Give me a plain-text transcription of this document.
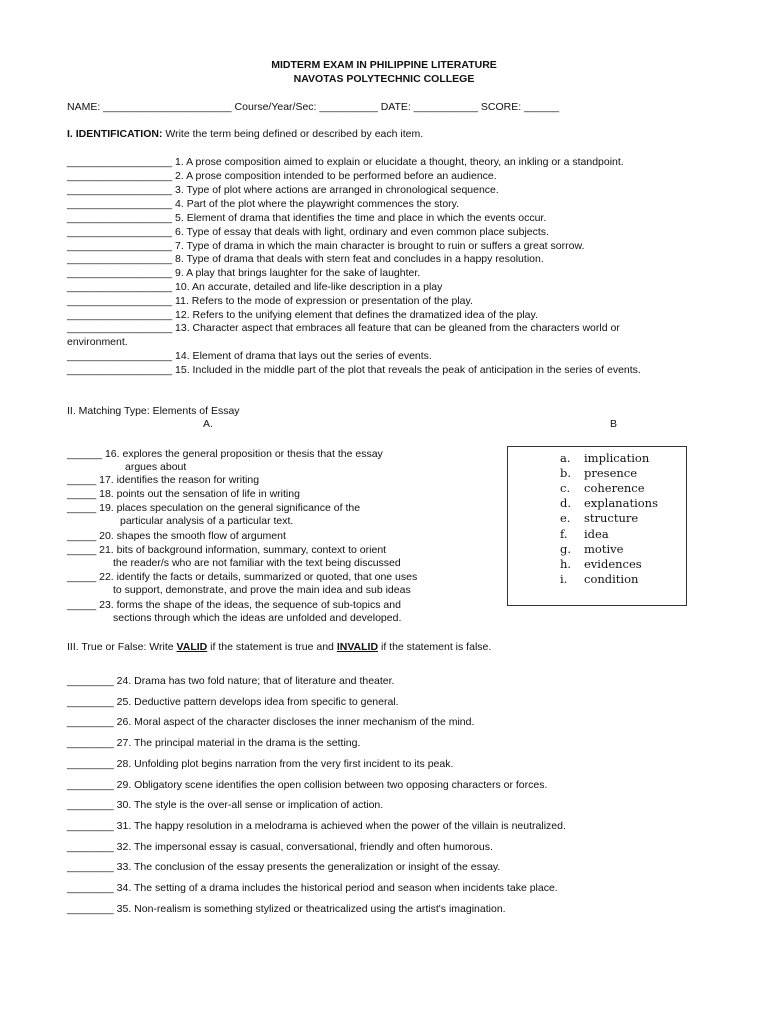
MIDTERM EXAM IN PHILIPPINE LITERATURE
NAVOTAS POLYTECHNIC COLLEGE
NAME: ______________________ Course/Year/Sec: __________ DATE: ___________ SCORE: ______
I. IDENTIFICATION: Write the term being defined or described by each item.
__________________ 1. A prose composition aimed to explain or elucidate a thought, theory, an inkling or a standpoint.
__________________ 2. A prose composition intended to be performed before an audience.
__________________ 3. Type of plot where actions are arranged in chronological sequence.
__________________ 4. Part of the plot where the playwright commences the story.
__________________ 5. Element of drama that identifies the time and place in which the events occur.
__________________ 6. Type of essay that deals with light, ordinary and even common place subjects.
__________________ 7. Type of drama in which the main character is brought to ruin or suffers a great sorrow.
__________________ 8. Type of drama that deals with stern feat and concludes in a happy resolution.
__________________ 9. A play that brings laughter for the sake of laughter.
__________________ 10. An accurate, detailed and life-like description in a play
__________________ 11. Refers to the mode of expression or presentation of the play.
__________________ 12. Refers to the unifying element that defines the dramatized idea of the play.
__________________ 13. Character aspect that embraces all feature that can be gleaned from the characters world or environment.
__________________ 14. Element of drama that lays out the series of events.
__________________ 15. Included in the middle part of the plot that reveals the peak of anticipation in the series of events.
II. Matching Type: Elements of Essay
A.	B
______ 16. explores the general proposition or thesis that the essay
argues about
_____ 17. identifies the reason for writing
_____ 18. points out the sensation of life in writing
_____ 19. places speculation on the general significance of the
particular analysis of a particular text.
_____ 20. shapes the smooth flow of argument
_____ 21. bits of background information, summary, context to orient
the reader/s who are not familiar with the text being discussed
_____ 22. identify the facts or details, summarized or quoted, that one uses
to support, demonstrate, and prove the main idea and sub ideas
_____ 23. forms the shape of the ideas, the sequence of sub-topics and
sections through which the ideas are unfolded and developed.
a. implication
b. presence
c. coherence
d. explanations
e. structure
f. idea
g. motive
h. evidences
i. condition
III. True or False: Write VALID if the statement is true and INVALID if the statement is false.
________ 24. Drama has two fold nature; that of literature and theater.
________ 25. Deductive pattern develops idea from specific to general.
________ 26. Moral aspect of the character discloses the inner mechanism of the mind.
________ 27. The principal material in the drama is the setting.
________ 28. Unfolding plot begins narration from the very first incident to its peak.
________ 29. Obligatory scene identifies the open collision between two opposing characters or forces.
________ 30. The style is the over-all sense or implication of action.
________ 31. The happy resolution in a melodrama is achieved when the power of the villain is neutralized.
________ 32. The impersonal essay is casual, conversational, friendly and often humorous.
________ 33. The conclusion of the essay presents the generalization or insight of the essay.
________ 34. The setting of a drama includes the historical period and season when incidents take place.
________ 35. Non-realism is something stylized or theatricalized using the artist's imagination.
